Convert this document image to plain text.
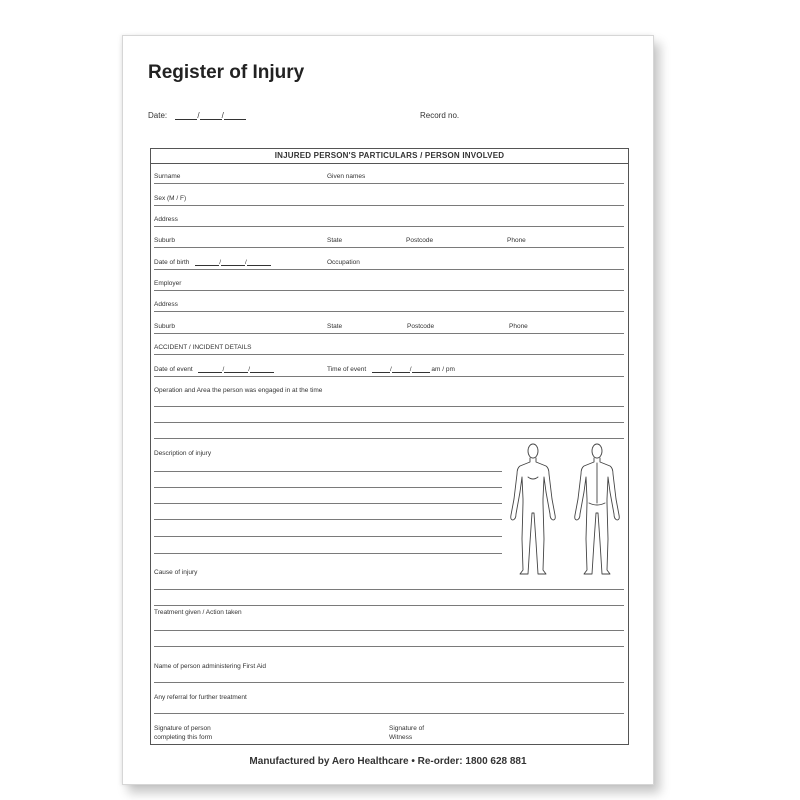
Register of Injury
Date:	/	/	Record no.
INJURED PERSON'S PARTICULARS / PERSON INVOLVED
Surname	Given names
Sex (M / F)
Address
Suburb	State	Postcode	Phone
Date of birth	/	/	Occupation
Employer
Address
Suburb	State	Postcode	Phone
ACCIDENT / INCIDENT DETAILS
Date of event	/	/	Time of event	/	/	am / pm
Operation and Area the person was engaged in at the time
Description of injury
Cause of injury
Treatment given / Action taken
Name of person administering First Aid
Any referral for further treatment
Signature of person
completing this form
Signature of
Witness
Manufactured by Aero Healthcare • Re-order: 1800 628 881
